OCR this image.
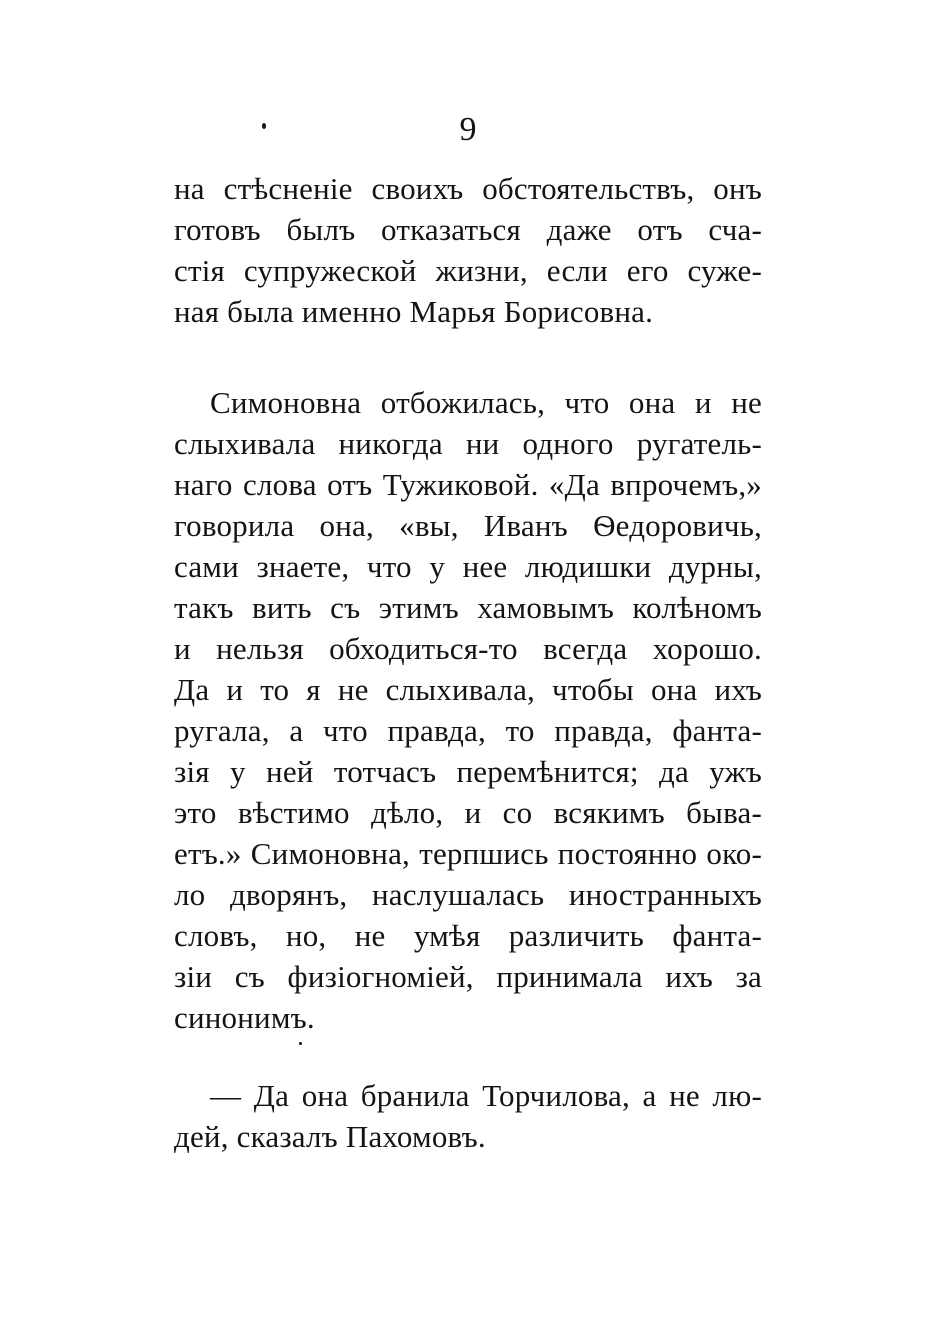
9
на стѣсненіе своихъ обстоятельствъ, онъ
готовъ былъ отказаться даже отъ сча-
стія супружеской жизни, если его суже-
ная была именно Марья Борисовна.
Симоновна отбожилась, что она и не
слыхивала никогда ни одного ругатель-
наго слова отъ Тужиковой. «Да впрочемъ,»
говорила она, «вы, Иванъ Ѳедоровичь,
сами знаете, что у нее людишки дурны,
такъ вить съ этимъ хамовымъ колѣномъ
и нельзя обходиться-то всегда хорошо.
Да и то я не слыхивала, чтобы она ихъ
ругала, а что правда, то правда, фанта-
зія у ней тотчасъ перемѣнится; да ужъ
это вѣстимо дѣло, и со всякимъ быва-
етъ.» Симоновна, терпшись постоянно око-
ло дворянъ, наслушалась иностранныхъ
словъ, но, не умѣя различить фанта-
зіи съ физіогноміей, принимала ихъ за
синонимъ.
— Да она бранила Торчилова, а не лю-
дей, сказалъ Пахомовъ.
